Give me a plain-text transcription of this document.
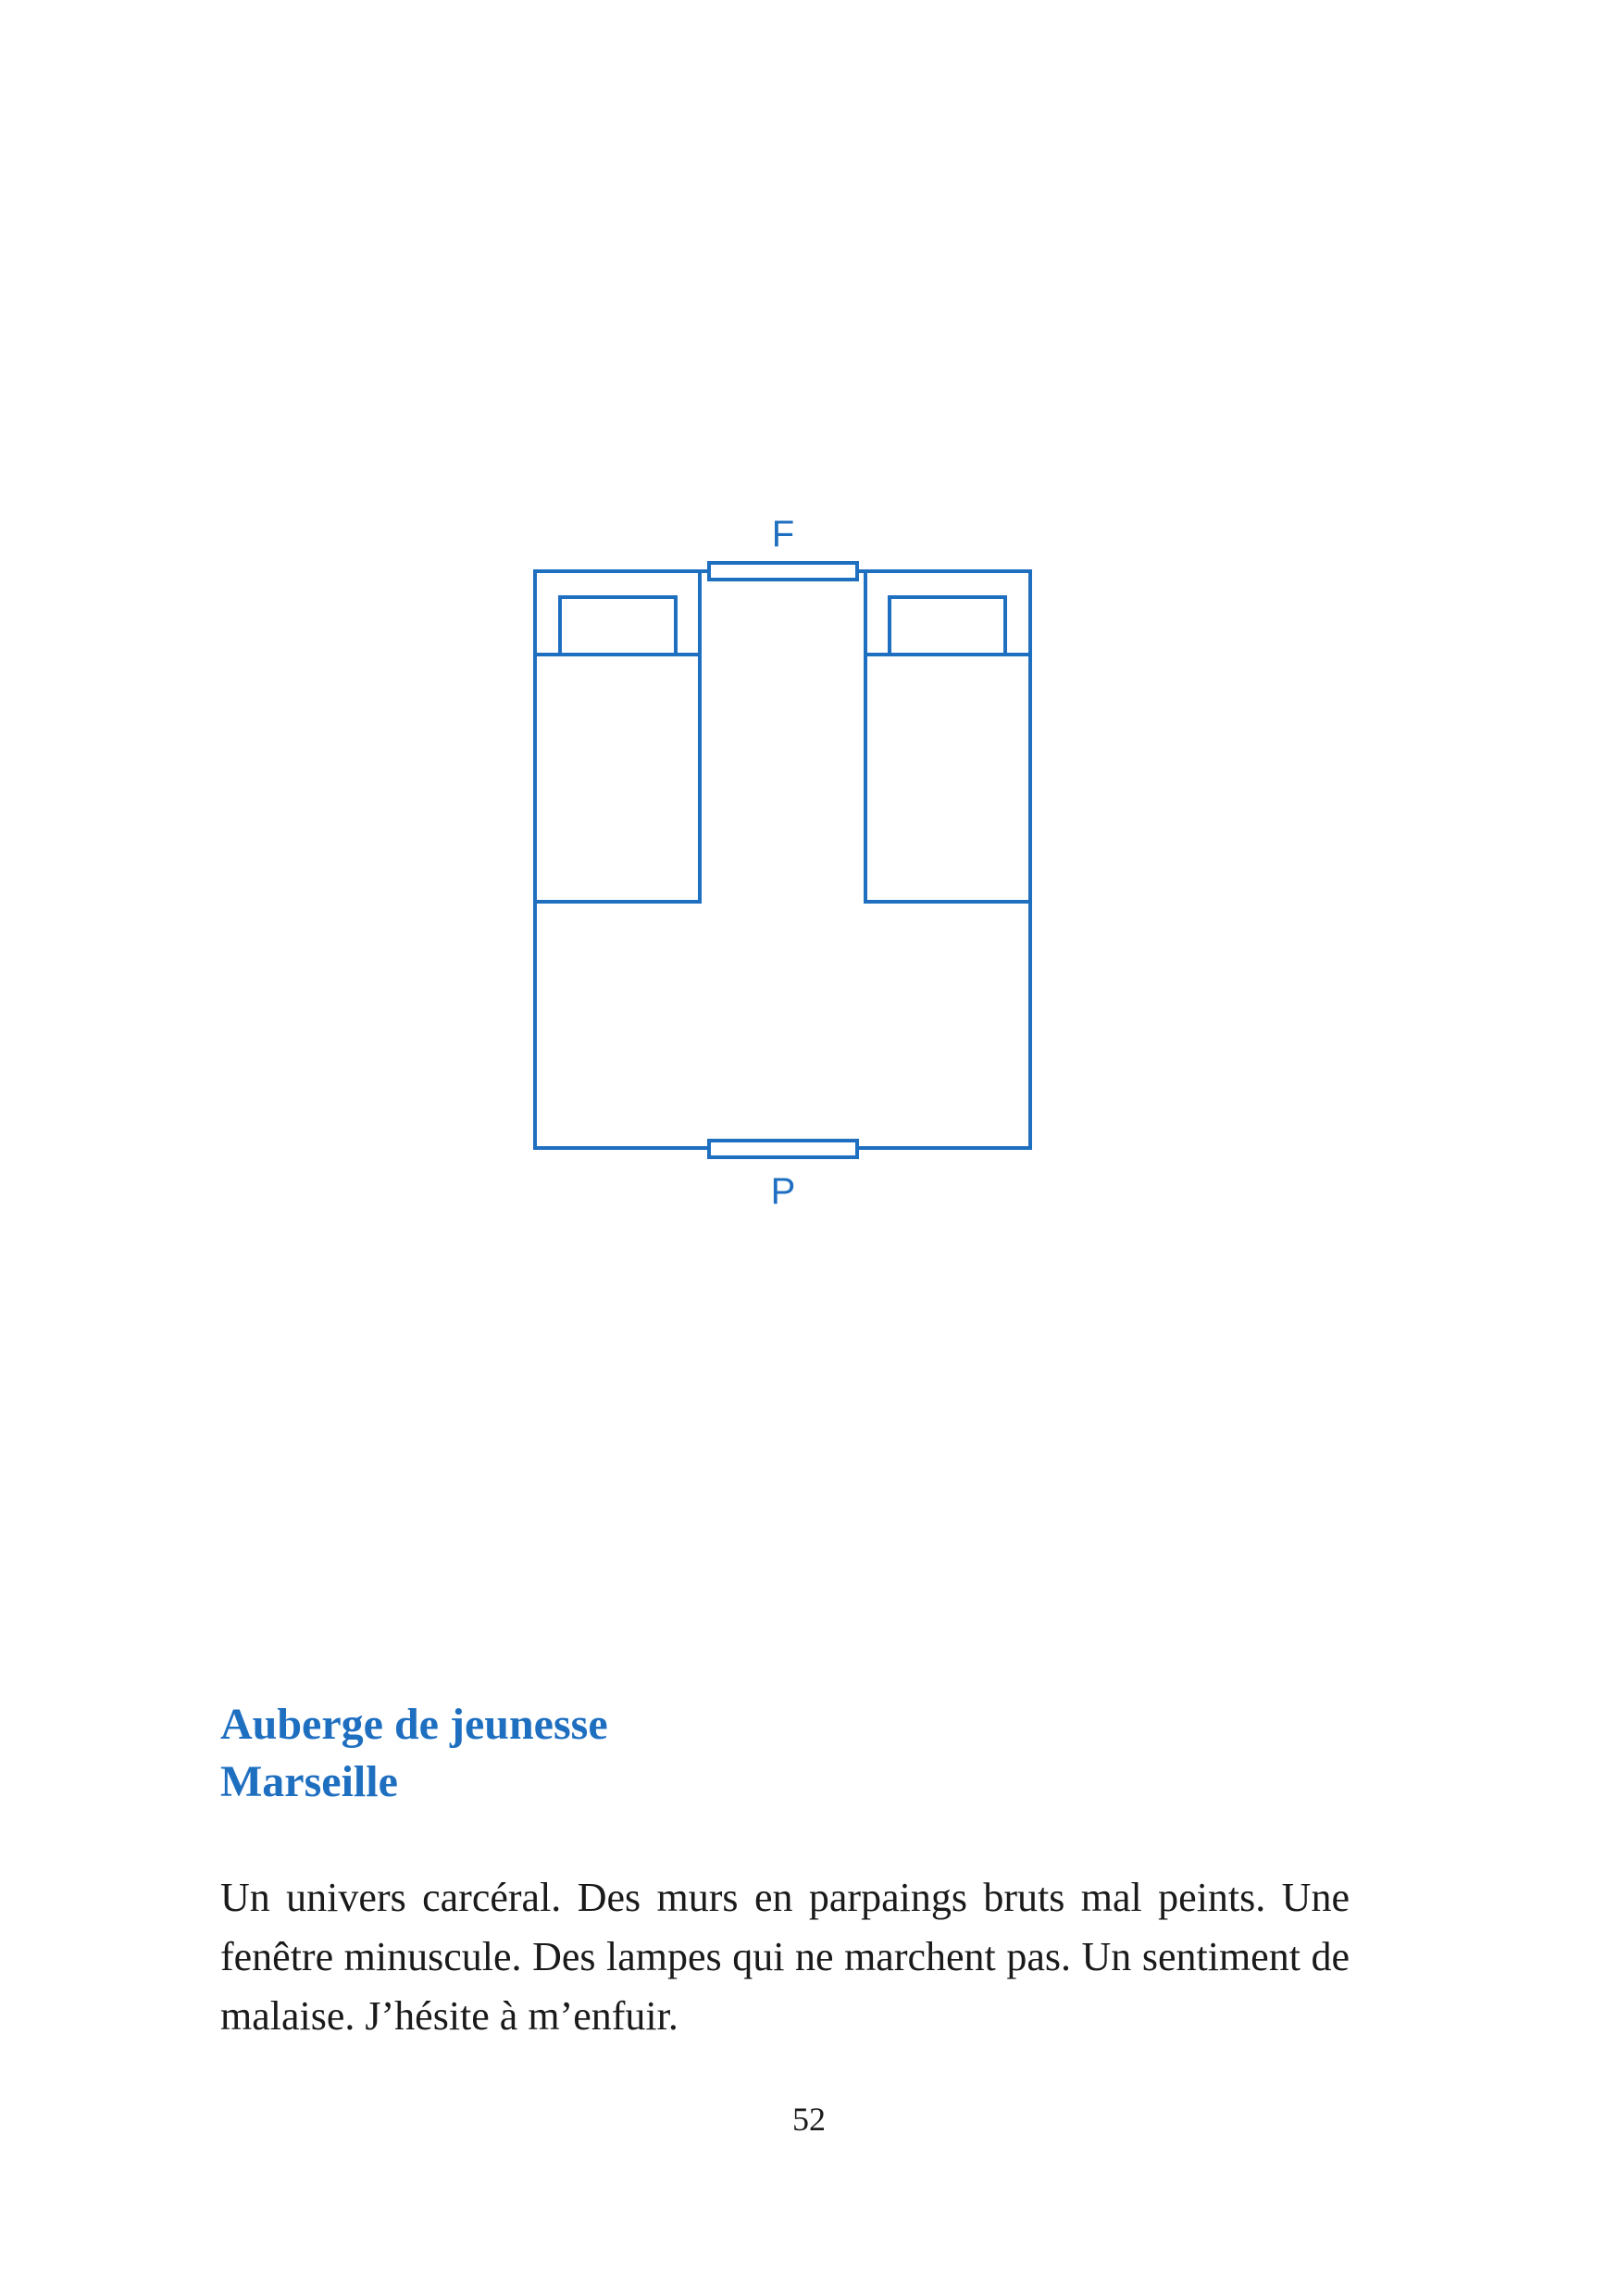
F
P
Auberge de jeunesse
Marseille

Un univers carcéral. Des murs en parpaings bruts mal peints. Une fenêtre minuscule. Des lampes qui ne marchent pas. Un sentiment de malaise. J’hésite à m’enfuir.

52
